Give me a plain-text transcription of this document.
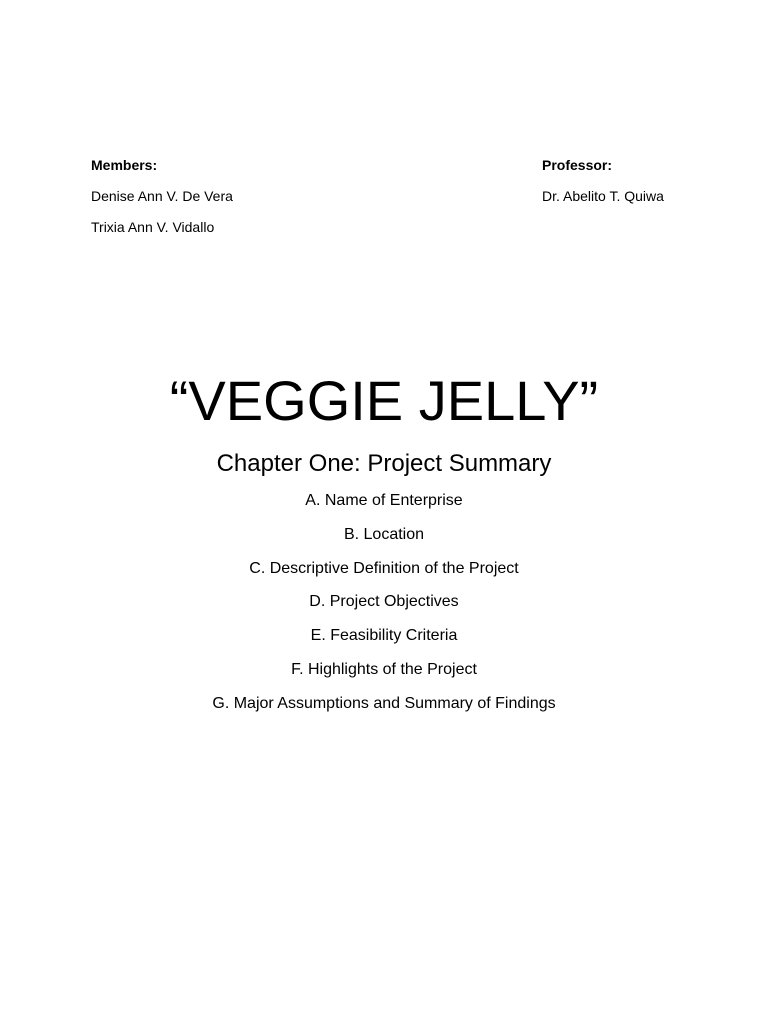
Members:

Denise Ann V. De Vera

Trixia Ann V. Vidallo

Professor:

Dr. Abelito T. Quiwa

“VEGGIE JELLY”
Chapter One: Project Summary
A. Name of Enterprise
B. Location
C. Descriptive Definition of the Project
D. Project Objectives
E. Feasibility Criteria
F. Highlights of the Project
G. Major Assumptions and Summary of Findings
